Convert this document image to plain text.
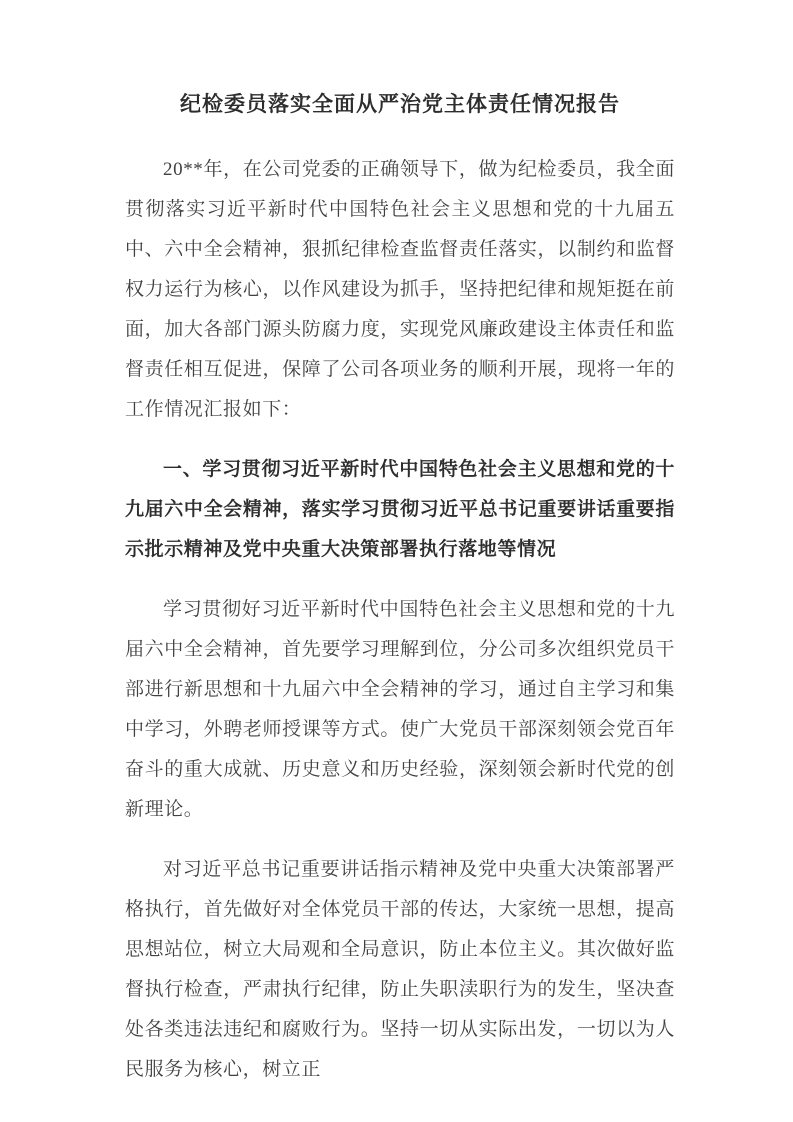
纪检委员落实全面从严治党主体责任情况报告

20**年，在公司党委的正确领导下，做为纪检委员，我全面贯彻落实习近平新时代中国特色社会主义思想和党的十九届五中、六中全会精神，狠抓纪律检查监督责任落实，以制约和监督权力运行为核心，以作风建设为抓手，坚持把纪律和规矩挺在前面，加大各部门源头防腐力度，实现党风廉政建设主体责任和监督责任相互促进，保障了公司各项业务的顺利开展，现将一年的工作情况汇报如下：

一、学习贯彻习近平新时代中国特色社会主义思想和党的十九届六中全会精神，落实学习贯彻习近平总书记重要讲话重要指示批示精神及党中央重大决策部署执行落地等情况

学习贯彻好习近平新时代中国特色社会主义思想和党的十九届六中全会精神，首先要学习理解到位，分公司多次组织党员干部进行新思想和十九届六中全会精神的学习，通过自主学习和集中学习，外聘老师授课等方式。使广大党员干部深刻领会党百年奋斗的重大成就、历史意义和历史经验，深刻领会新时代党的创新理论。

对习近平总书记重要讲话指示精神及党中央重大决策部署严格执行，首先做好对全体党员干部的传达，大家统一思想，提高思想站位，树立大局观和全局意识，防止本位主义。其次做好监督执行检查，严肃执行纪律，防止失职渎职行为的发生，坚决查处各类违法违纪和腐败行为。坚持一切从实际出发，一切以为人民服务为核心，树立正
